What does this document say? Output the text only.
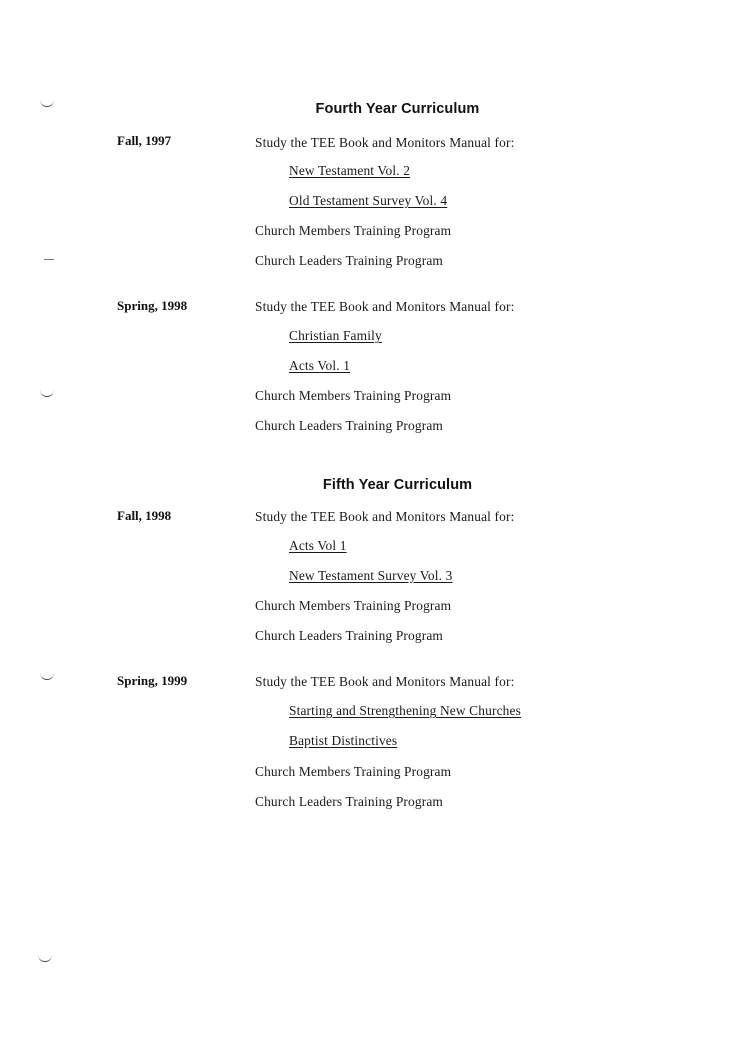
Fourth Year Curriculum
Fall, 1997	Study the TEE Book and Monitors Manual for:
New Testament Vol. 2
Old Testament Survey Vol. 4
Church Members Training Program
Church Leaders Training Program
Spring, 1998	Study the TEE Book and Monitors Manual for:
Christian Family
Acts Vol. 1
Church Members Training Program
Church Leaders Training Program
Fifth Year Curriculum
Fall, 1998	Study the TEE Book and Monitors Manual for:
Acts Vol 1
New Testament Survey Vol. 3
Church Members Training Program
Church Leaders Training Program
Spring, 1999	Study the TEE Book and Monitors Manual for:
Starting and Strengthening New Churches
Baptist Distinctives
Church Members Training Program
Church Leaders Training Program
